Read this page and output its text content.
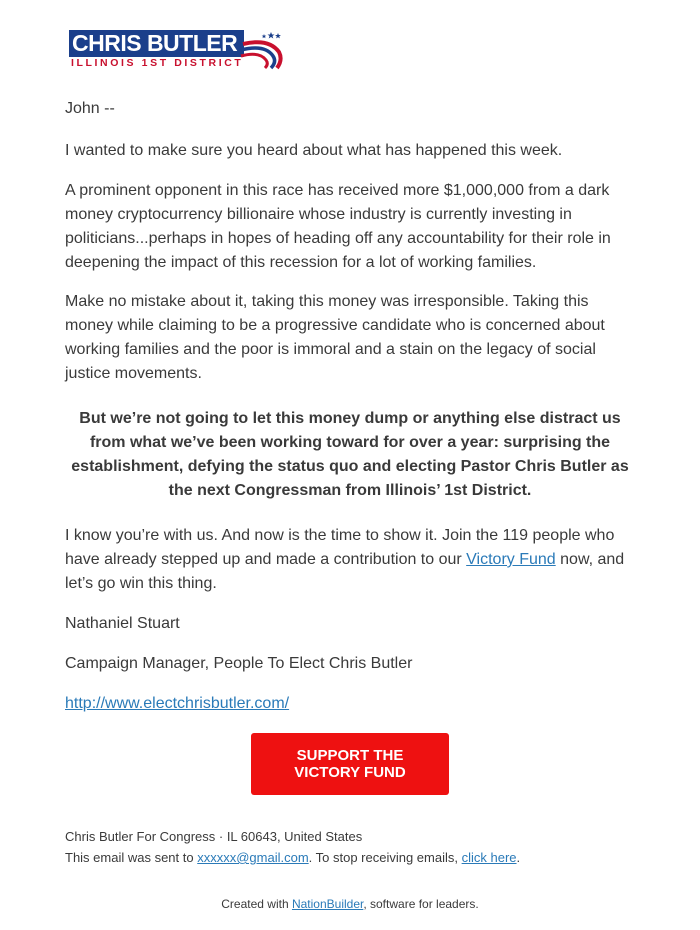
CHRIS BUTLER
ILLINOIS 1ST DISTRICT

John --

I wanted to make sure you heard about what has happened this week.

A prominent opponent in this race has received more $1,000,000 from a dark money cryptocurrency billionaire whose industry is currently investing in politicians...perhaps in hopes of heading off any accountability for their role in deepening the impact of this recession for a lot of working families.

Make no mistake about it, taking this money was irresponsible. Taking this money while claiming to be a progressive candidate who is concerned about working families and the poor is immoral and a stain on the legacy of social justice movements.

But we’re not going to let this money dump or anything else distract us from what we’ve been working toward for over a year: surprising the establishment, defying the status quo and electing Pastor Chris Butler as the next Congressman from Illinois’ 1st District.

I know you’re with us. And now is the time to show it. Join the 119 people who have already stepped up and made a contribution to our Victory Fund now, and let’s go win this thing.

Nathaniel Stuart

Campaign Manager, People To Elect Chris Butler

http://www.electchrisbutler.com/

SUPPORT THE VICTORY FUND
Chris Butler For Congress · IL 60643, United States
This email was sent to xxxxxx@gmail.com. To stop receiving emails, click here.
Created with NationBuilder, software for leaders.
